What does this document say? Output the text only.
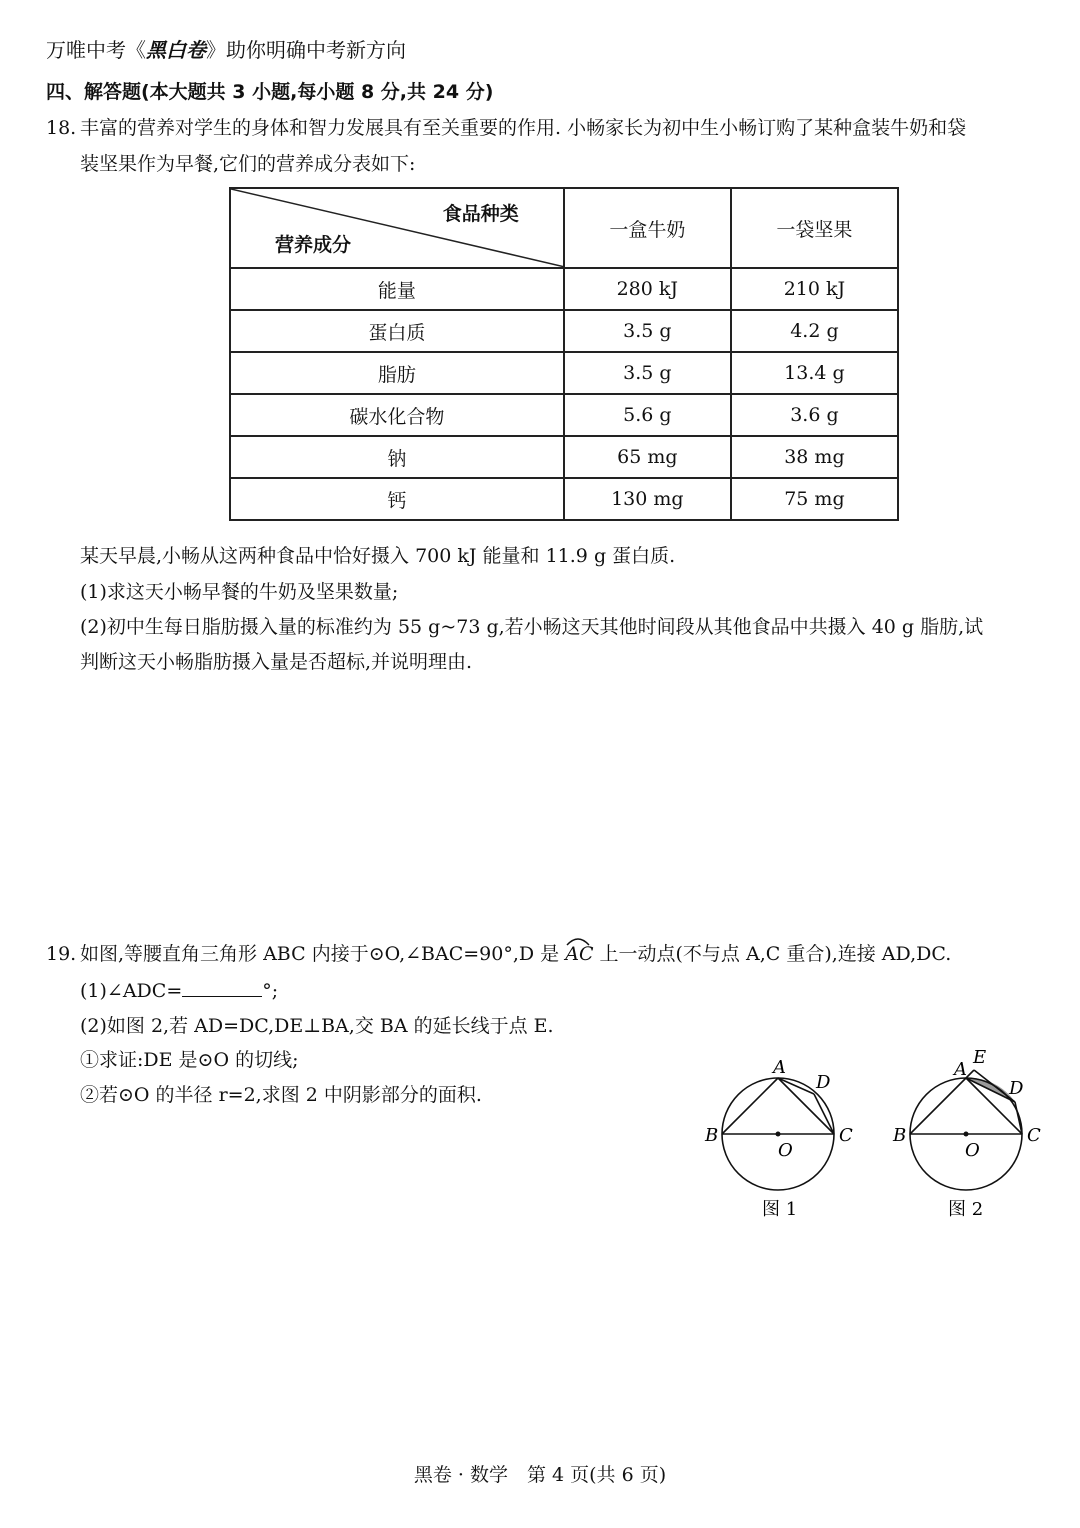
万唯中考《黑白卷》助你明确中考新方向
四、解答题(本大题共 3 小题,每小题 8 分,共 24 分)
18. 丰富的营养对学生的身体和智力发展具有至关重要的作用. 小畅家长为初中生小畅订购了某种盒装牛奶和袋
装坚果作为早餐,它们的营养成分表如下:
食品种类
营养成分	一盒牛奶	一袋坚果
能量	280 kJ	210 kJ
蛋白质	3.5 g	4.2 g
脂肪	3.5 g	13.4 g
碳水化合物	5.6 g	3.6 g
钠	65 mg	38 mg
钙	130 mg	75 mg
某天早晨,小畅从这两种食品中恰好摄入 700 kJ 能量和 11.9 g 蛋白质.
(1)求这天小畅早餐的牛奶及坚果数量;
(2)初中生每日脂肪摄入量的标准约为 55 g~73 g,若小畅这天其他时间段从其他食品中共摄入 40 g 脂肪,试
判断这天小畅脂肪摄入量是否超标,并说明理由.
19. 如图,等腰直角三角形 ABC 内接于⊙O,∠BAC=90°,D 是
AC 上一动点(不与点 A,C 重合),连接 AD,DC.
(1)∠ADC=	°;
(2)如图 2,若 AD=DC,DE⊥BA,交 BA 的延长线于点 E.
①求证:DE 是⊙O 的切线;
②若⊙O 的半径 r=2,求图 2 中阴影部分的面积.
A
D
B	C
O
图 1
A
E
D
B	C
O
图 2
黑卷 · 数学　第 4 页(共 6 页)
